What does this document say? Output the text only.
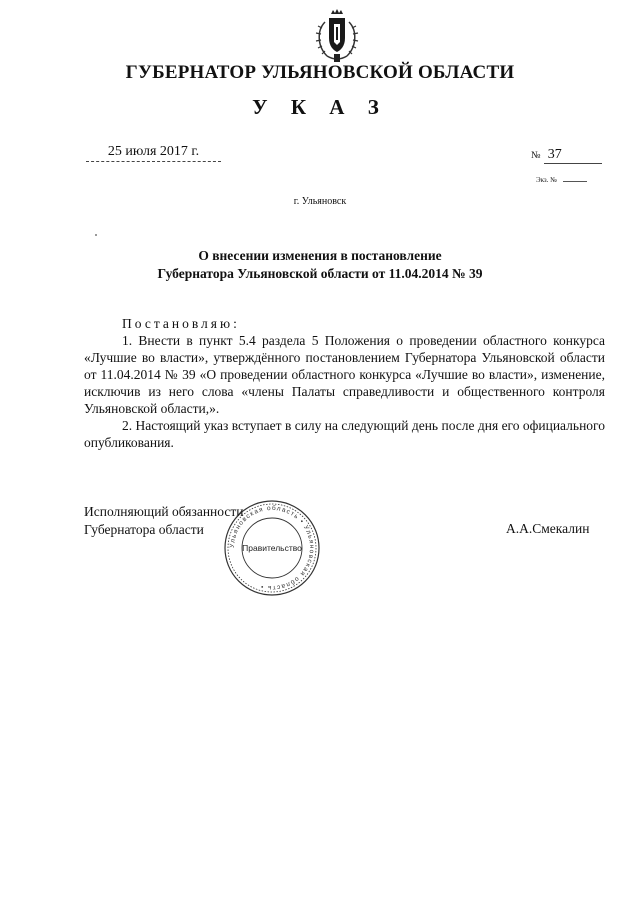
ГУБЕРНАТОР УЛЬЯНОВСКОЙ ОБЛАСТИ
У К А З
25 июля 2017 г.	№ 37
Экз. №
г. Ульяновск
О внесении изменения в постановление
Губернатора Ульяновской области от 11.04.2014 № 39

Постановляю:

1. Внести в пункт 5.4 раздела 5 Положения о проведении областного конкурса «Лучшие во власти», утверждённого постановлением Губернатора Ульяновской области от 11.04.2014 № 39 «О проведении областного конкурса «Лучшие во власти», изменение, исключив из него слова «члены Палаты справедливости и общественного контроля Ульяновской области,».

2. Настоящий указ вступает в силу на следующий день после дня его официального опубликования.

Исполняющий обязанности
Губернатора области
Ульяновская область • Ульяновская область •
Правительство
А.А.Смекалин
